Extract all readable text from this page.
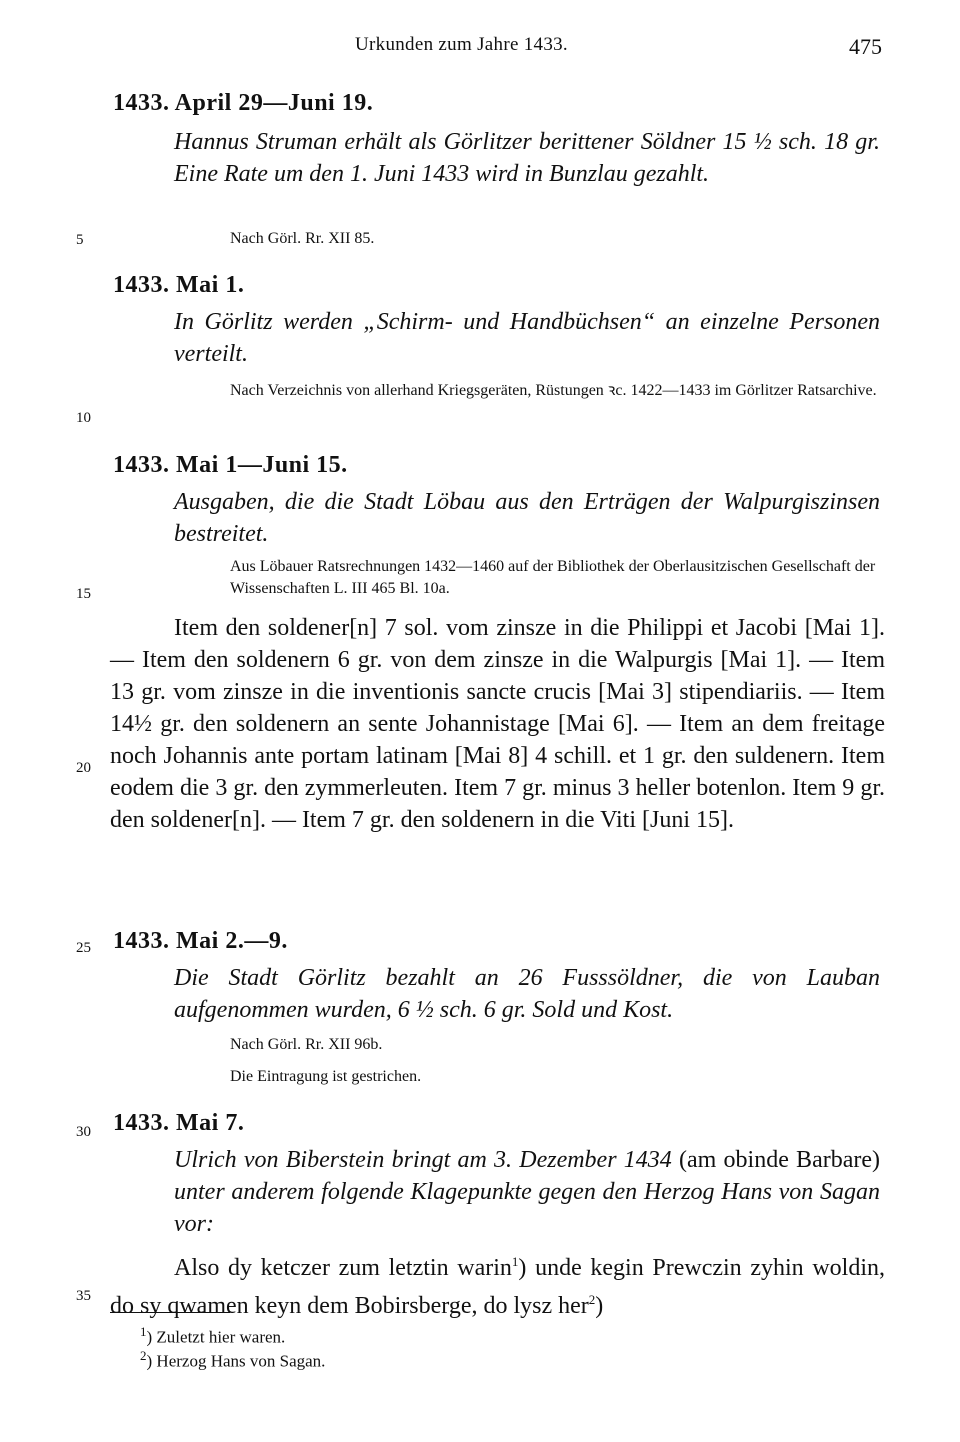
Urkunden zum Jahre 1433.	475
5
10
15
20
25
30
35
1433. April 29—Juni 19.
Hannus Struman erhält als Görlitzer berittener Söldner 15 ½ sch. 18 gr. Eine Rate um den 1. Juni 1433 wird in Bunzlau gezahlt.
Nach Görl. Rr. XII 85.
1433. Mai 1.
In Görlitz werden „Schirm- und Handbüchsen“ an einzelne Personen verteilt.
Nach Verzeichnis von allerhand Kriegsgeräten, Rüstungen ꝛc. 1422—1433 im Görlitzer Ratsarchive.
1433. Mai 1—Juni 15.
Ausgaben, die die Stadt Löbau aus den Erträgen der Walpurgiszinsen bestreitet.
Aus Löbauer Ratsrechnungen 1432—1460 auf der Bibliothek der Oberlausitzischen Gesellschaft der Wissenschaften L. III 465 Bl. 10a.
Item den soldener[n] 7 sol. vom zinsze in die Philippi et Jacobi [Mai 1]. — Item den soldenern 6 gr. von dem zinsze in die Walpurgis [Mai 1]. — Item 13 gr. vom zinsze in die inventionis sancte crucis [Mai 3] stipendiariis. — Item 14½ gr. den soldenern an sente Johannistage [Mai 6]. — Item an dem freitage noch Johannis ante portam latinam [Mai 8] 4 schill. et 1 gr. den suldenern. Item eodem die 3 gr. den zymmerleuten. Item 7 gr. minus 3 heller botenlon. Item 9 gr. den soldener[n]. — Item 7 gr. den soldenern in die Viti [Juni 15].
1433. Mai 2.—9.
Die Stadt Görlitz bezahlt an 26 Fusssöldner, die von Lauban aufgenommen wurden, 6 ½ sch. 6 gr. Sold und Kost.
Nach Görl. Rr. XII 96b.
Die Eintragung ist gestrichen.
1433. Mai 7.
Ulrich von Biberstein bringt am 3. Dezember 1434 (am obinde Barbare) unter anderem folgende Klagepunkte gegen den Herzog Hans von Sagan vor:
Also dy ketczer zum letztin warin$^1$) unde kegin Prewczin zyhin woldin, do sy qwamen keyn dem Bobirsberge, do lysz her$^2$)
$^1$) Zuletzt hier waren.
$^2$) Herzog Hans von Sagan.
